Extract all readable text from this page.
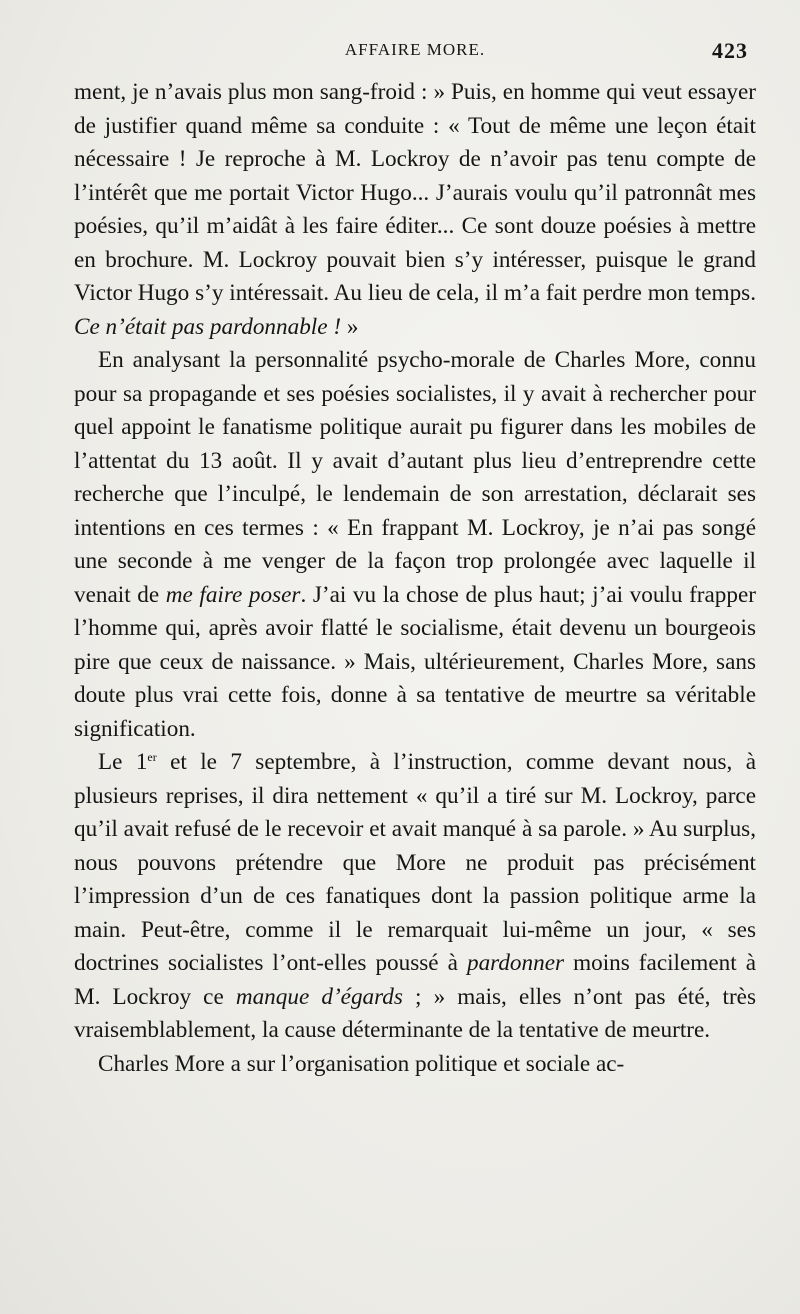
AFFAIRE MORE.	423

ment, je n’avais plus mon sang-froid : » Puis, en homme qui veut essayer de justifier quand même sa conduite : « Tout de même une leçon était nécessaire ! Je reproche à M. Lockroy de n’avoir pas tenu compte de l’intérêt que me portait Victor Hugo... J’aurais voulu qu’il patronnât mes poésies, qu’il m’aidât à les faire éditer... Ce sont douze poésies à mettre en brochure. M. Lockroy pouvait bien s’y intéresser, puisque le grand Victor Hugo s’y intéressait. Au lieu de cela, il m’a fait perdre mon temps. Ce n’était pas pardonnable ! »

En analysant la personnalité psycho-morale de Charles More, connu pour sa propagande et ses poésies socialistes, il y avait à rechercher pour quel appoint le fanatisme politique aurait pu figurer dans les mobiles de l’attentat du 13 août. Il y avait d’autant plus lieu d’entreprendre cette recherche que l’inculpé, le lendemain de son arrestation, déclarait ses intentions en ces termes : « En frappant M. Lockroy, je n’ai pas songé une seconde à me venger de la façon trop prolongée avec laquelle il venait de me faire poser. J’ai vu la chose de plus haut; j’ai voulu frapper l’homme qui, après avoir flatté le socialisme, était devenu un bourgeois pire que ceux de naissance. » Mais, ultérieurement, Charles More, sans doute plus vrai cette fois, donne à sa tentative de meurtre sa véritable signification.

Le 1er et le 7 septembre, à l’instruction, comme devant nous, à plusieurs reprises, il dira nettement « qu’il a tiré sur M. Lockroy, parce qu’il avait refusé de le recevoir et avait manqué à sa parole. » Au surplus, nous pouvons prétendre que More ne produit pas précisément l’impression d’un de ces fanatiques dont la passion politique arme la main. Peut-être, comme il le remarquait lui-même un jour, « ses doctrines socialistes l’ont-elles poussé à pardonner moins facilement à M. Lockroy ce manque d’égards ; » mais, elles n’ont pas été, très vraisemblablement, la cause déterminante de la tentative de meurtre.

Charles More a sur l’organisation politique et sociale ac-
